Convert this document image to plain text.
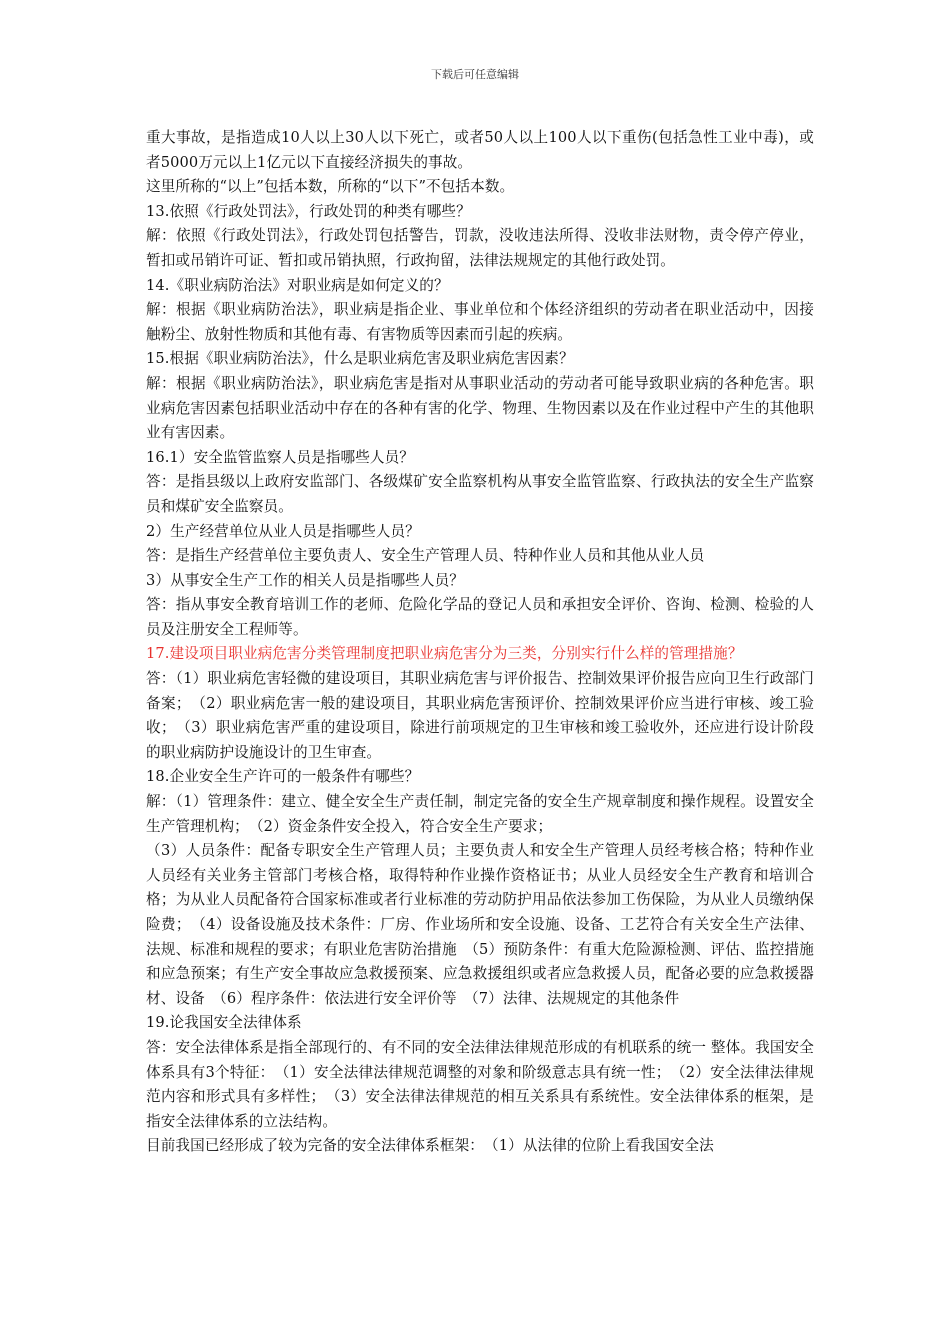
下载后可任意编辑

重大事故，是指造成10人以上30人以下死亡，或者50人以上100人以下重伤(包括急性工业中毒)，或者5000万元以上1亿元以下直接经济损失的事故。

这里所称的“以上”包括本数，所称的“以下”不包括本数。

13.依照《行政处罚法》，行政处罚的种类有哪些？

解：依照《行政处罚法》，行政处罚包括警告，罚款，没收违法所得、没收非法财物，责令停产停业，暂扣或吊销许可证、暂扣或吊销执照，行政拘留，法律法规规定的其他行政处罚。

14.《职业病防治法》对职业病是如何定义的？

解：根据《职业病防治法》，职业病是指企业、事业单位和个体经济组织的劳动者在职业活动中，因接触粉尘、放射性物质和其他有毒、有害物质等因素而引起的疾病。

15.根据《职业病防治法》，什么是职业病危害及职业病危害因素？

解：根据《职业病防治法》，职业病危害是指对从事职业活动的劳动者可能导致职业病的各种危害。职业病危害因素包括职业活动中存在的各种有害的化学、物理、生物因素以及在作业过程中产生的其他职业有害因素。

16.1）安全监管监察人员是指哪些人员？

答：是指县级以上政府安监部门、各级煤矿安全监察机构从事安全监管监察、行政执法的安全生产监察员和煤矿安全监察员。

2）生产经营单位从业人员是指哪些人员？

答：是指生产经营单位主要负责人、安全生产管理人员、特种作业人员和其他从业人员

3）从事安全生产工作的相关人员是指哪些人员？

答：指从事安全教育培训工作的老师、危险化学品的登记人员和承担安全评价、咨询、检测、检验的人员及注册安全工程师等。

17.建设项目职业病危害分类管理制度把职业病危害分为三类，分别实行什么样的管理措施？

答：（1）职业病危害轻微的建设项目，其职业病危害与评价报告、控制效果评价报告应向卫生行政部门备案；　（2）职业病危害一般的建设项目，其职业病危害预评价、控制效果评价应当进行审核、竣工验收；　（3）职业病危害严重的建设项目，除进行前项规定的卫生审核和竣工验收外，还应进行设计阶段的职业病防护设施设计的卫生审查。

18.企业安全生产许可的一般条件有哪些？

解：（1）管理条件：建立、健全安全生产责任制，制定完备的安全生产规章制度和操作规程。设置安全生产管理机构；　（2）资金条件安全投入，符合安全生产要求；

（3）人员条件：配备专职安全生产管理人员；主要负责人和安全生产管理人员经考核合格；特种作业人员经有关业务主管部门考核合格，取得特种作业操作资格证书；从业人员经安全生产教育和培训合格；为从业人员配备符合国家标准或者行业标准的劳动防护用品依法参加工伤保险，为从业人员缴纳保险费；　（4）设备设施及技术条件：厂房、作业场所和安全设施、设备、工艺符合有关安全生产法律、法规、标准和规程的要求；有职业危害防治措施　（5）预防条件：有重大危险源检测、评估、监控措施和应急预案；有生产安全事故应急救援预案、应急救援组织或者应急救援人员，配备必要的应急救援器材、设备　（6）程序条件：依法进行安全评价等　（7）法律、法规规定的其他条件

19.论我国安全法律体系

答：安全法律体系是指全部现行的、有不同的安全法律法律规范形成的有机联系的统一 整体。我国安全体系具有3个特征：　（1）安全法律法律规范调整的对象和阶级意志具有统一性；　（2）安全法律法律规范内容和形式具有多样性；　（3）安全法律法律规范的相互关系具有系统性。安全法律体系的框架，是指安全法律体系的立法结构。

目前我国已经形成了较为完备的安全法律体系框架：　（1）从法律的位阶上看我国安全法
